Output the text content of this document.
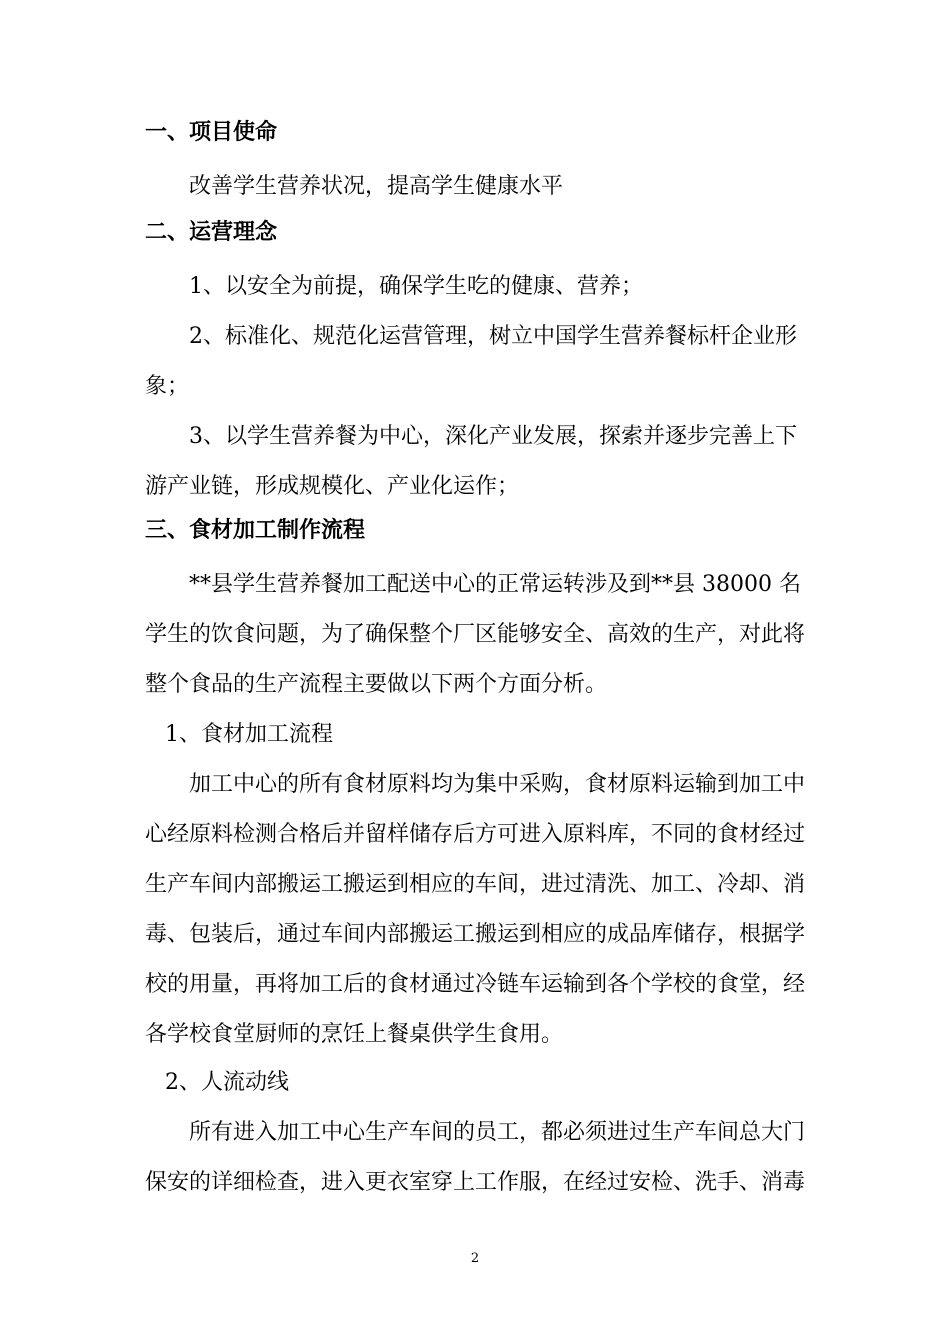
一、项目使命
改善学生营养状况，提高学生健康水平
二、运营理念
1、以安全为前提，确保学生吃的健康、营养；
2、标准化、规范化运营管理，树立中国学生营养餐标杆企业形
象；
3、以学生营养餐为中心，深化产业发展，探索并逐步完善上下
游产业链，形成规模化、产业化运作；
三、食材加工制作流程
**县学生营养餐加工配送中心的正常运转涉及到**县 38000 名
学生的饮食问题，为了确保整个厂区能够安全、高效的生产，对此将
整个食品的生产流程主要做以下两个方面分析。
1、食材加工流程
加工中心的所有食材原料均为集中采购，食材原料运输到加工中
心经原料检测合格后并留样储存后方可进入原料库，不同的食材经过
生产车间内部搬运工搬运到相应的车间，进过清洗、加工、冷却、消
毒、包装后，通过车间内部搬运工搬运到相应的成品库储存，根据学
校的用量，再将加工后的食材通过冷链车运输到各个学校的食堂，经
各学校食堂厨师的烹饪上餐桌供学生食用。
2、人流动线
所有进入加工中心生产车间的员工，都必须进过生产车间总大门
保安的详细检查，进入更衣室穿上工作服，在经过安检、洗手、消毒
2
